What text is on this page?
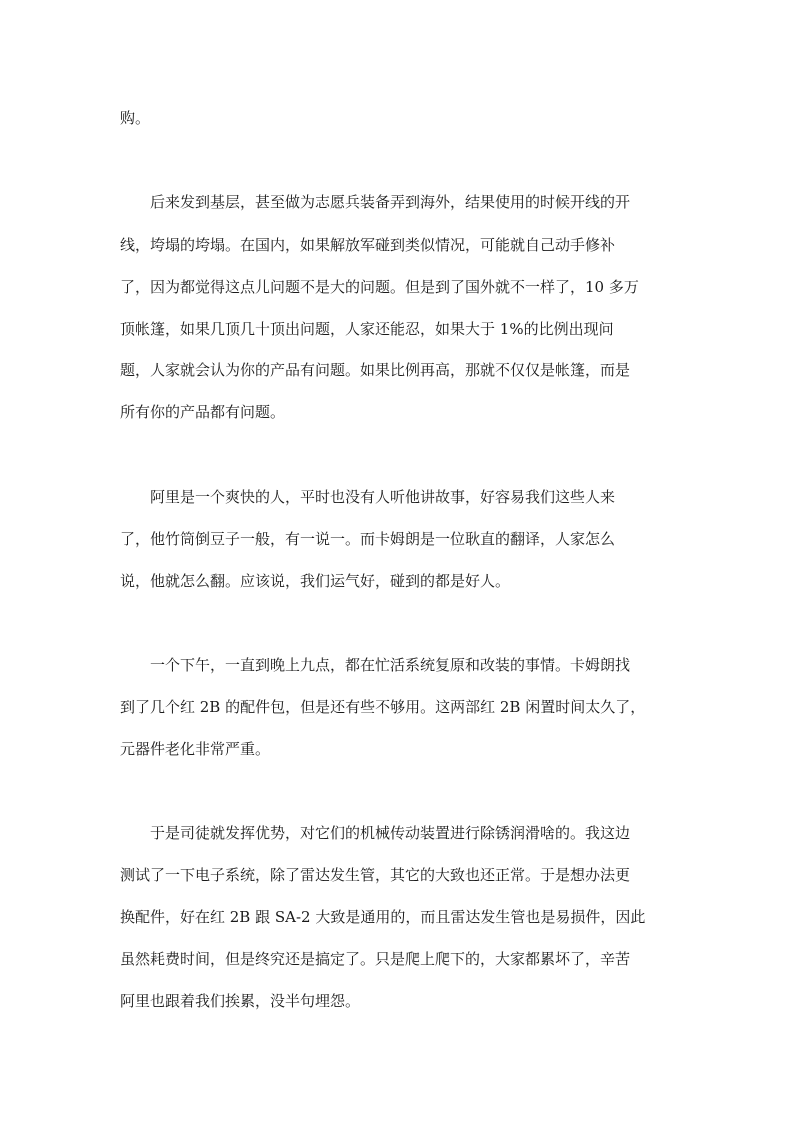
购。
后来发到基层，甚至做为志愿兵装备弄到海外，结果使用的时候开线的开
线，垮塌的垮塌。在国内，如果解放军碰到类似情况，可能就自己动手修补
了，因为都觉得这点儿问题不是大的问题。但是到了国外就不一样了，10 多万
顶帐篷，如果几顶几十顶出问题，人家还能忍，如果大于 1%的比例出现问
题，人家就会认为你的产品有问题。如果比例再高，那就不仅仅是帐篷，而是
所有你的产品都有问题。
阿里是一个爽快的人，平时也没有人听他讲故事，好容易我们这些人来
了，他竹筒倒豆子一般，有一说一。而卡姆朗是一位耿直的翻译，人家怎么
说，他就怎么翻。应该说，我们运气好，碰到的都是好人。
一个下午，一直到晚上九点，都在忙活系统复原和改装的事情。卡姆朗找
到了几个红 2B 的配件包，但是还有些不够用。这两部红 2B 闲置时间太久了，
元器件老化非常严重。
于是司徒就发挥优势，对它们的机械传动装置进行除锈润滑啥的。我这边
测试了一下电子系统，除了雷达发生管，其它的大致也还正常。于是想办法更
换配件，好在红 2B 跟 SA-2 大致是通用的，而且雷达发生管也是易损件，因此
虽然耗费时间，但是终究还是搞定了。只是爬上爬下的，大家都累坏了，辛苦
阿里也跟着我们挨累，没半句埋怨。
